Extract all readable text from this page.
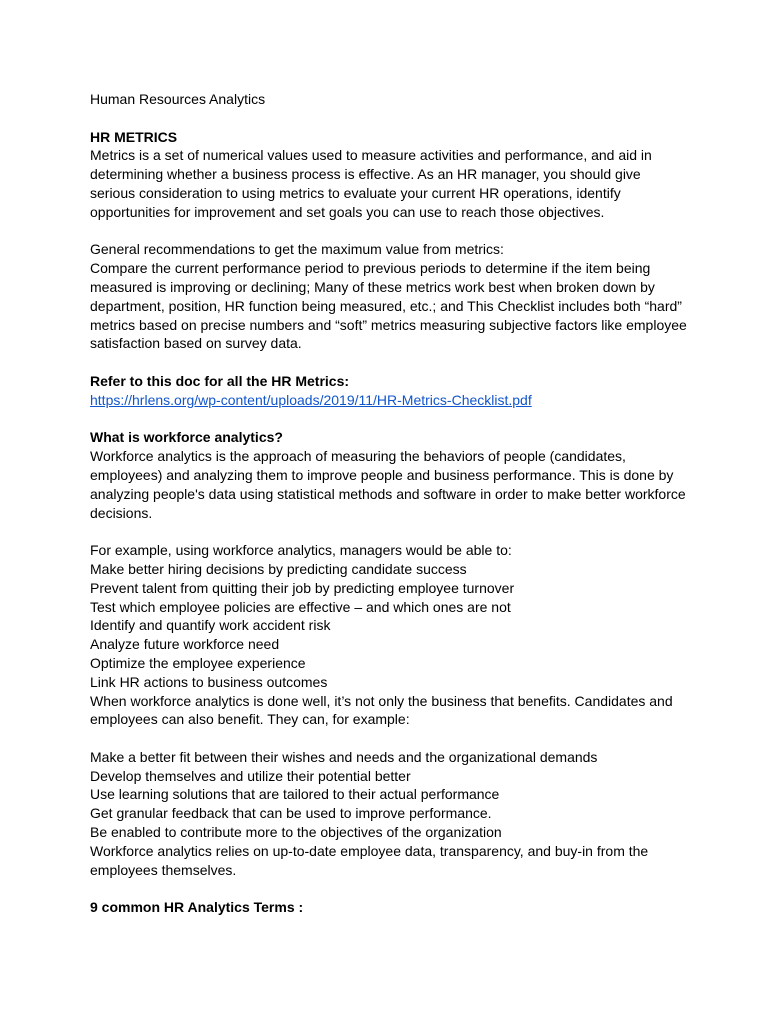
Human Resources Analytics

HR METRICS

Metrics is a set of numerical values used to measure activities and performance, and aid in determining whether a business process is effective. As an HR manager, you should give serious consideration to using metrics to evaluate your current HR operations, identify opportunities for improvement and set goals you can use to reach those objectives.

General recommendations to get the maximum value from metrics:

Compare the current performance period to previous periods to determine if the item being measured is improving or declining; Many of these metrics work best when broken down by department, position, HR function being measured, etc.; and This Checklist includes both “hard” metrics based on precise numbers and “soft” metrics measuring subjective factors like employee satisfaction based on survey data.

Refer to this doc for all the HR Metrics:

https://hrlens.org/wp-content/uploads/2019/11/HR-Metrics-Checklist.pdf

What is workforce analytics?

Workforce analytics is the approach of measuring the behaviors of people (candidates, employees) and analyzing them to improve people and business performance. This is done by analyzing people's data using statistical methods and software in order to make better workforce decisions.

For example, using workforce analytics, managers would be able to:

Make better hiring decisions by predicting candidate success

Prevent talent from quitting their job by predicting employee turnover

Test which employee policies are effective – and which ones are not

Identify and quantify work accident risk

Analyze future workforce need

Optimize the employee experience

Link HR actions to business outcomes

When workforce analytics is done well, it’s not only the business that benefits. Candidates and employees can also benefit. They can, for example:

Make a better fit between their wishes and needs and the organizational demands

Develop themselves and utilize their potential better

Use learning solutions that are tailored to their actual performance

Get granular feedback that can be used to improve performance.

Be enabled to contribute more to the objectives of the organization

Workforce analytics relies on up-to-date employee data, transparency, and buy-in from the employees themselves.

9 common HR Analytics Terms :
